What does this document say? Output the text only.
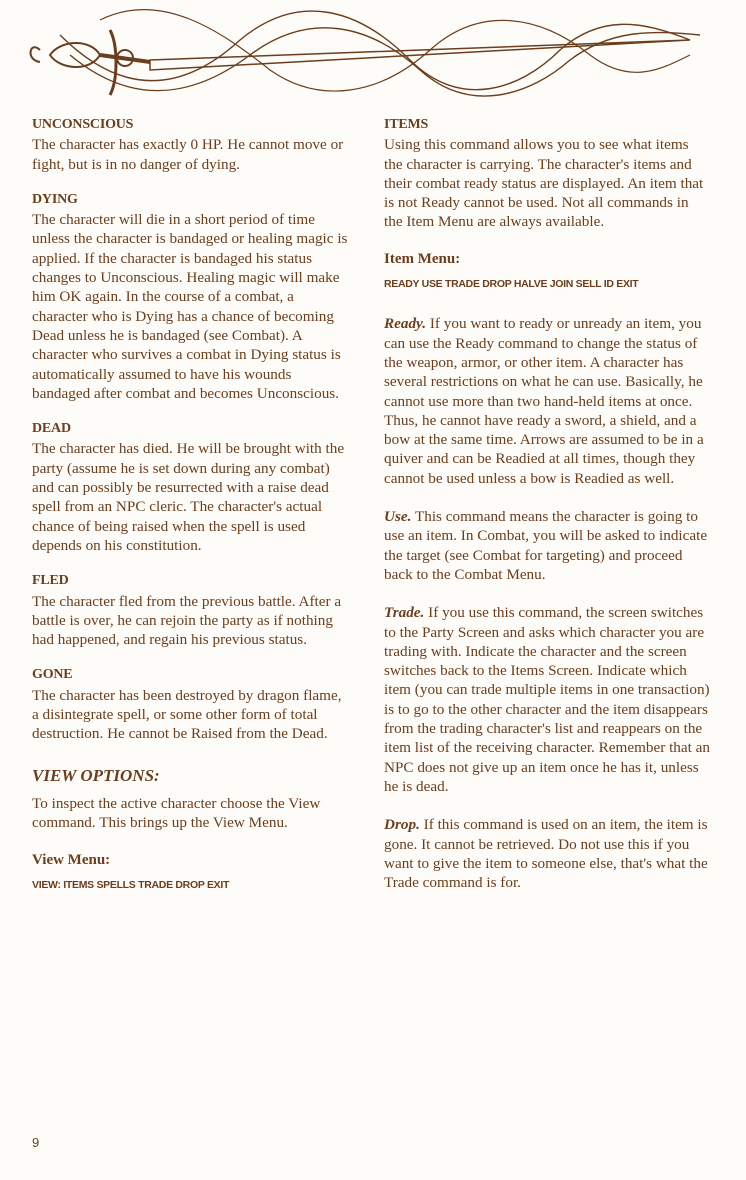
UNCONSCIOUS

The character has exactly 0 HP. He cannot move or fight, but is in no danger of dying.

DYING

The character will die in a short period of time unless the character is bandaged or healing magic is applied. If the character is bandaged his status changes to Unconscious. Healing magic will make him OK again. In the course of a combat, a character who is Dying has a chance of becoming Dead unless he is bandaged (see Combat). A character who survives a combat in Dying status is automatically assumed to have his wounds bandaged after combat and becomes Unconscious.

DEAD

The character has died. He will be brought with the party (assume he is set down during any combat) and can possibly be resurrected with a raise dead spell from an NPC cleric. The character's actual chance of being raised when the spell is used depends on his constitution.

FLED

The character fled from the previous battle. After a battle is over, he can rejoin the party as if nothing had happened, and regain his previous status.

GONE

The character has been destroyed by dragon flame, a disintegrate spell, or some other form of total destruction. He cannot be Raised from the Dead.

VIEW OPTIONS:

To inspect the active character choose the View command. This brings up the View Menu.

View Menu:
VIEW: ITEMS SPELLS TRADE DROP EXIT
ITEMS

Using this command allows you to see what items the character is carrying. The character's items and their combat ready status are displayed. An item that is not Ready cannot be used. Not all commands in the Item Menu are always available.

Item Menu:
READY USE TRADE DROP HALVE JOIN SELL ID EXIT

Ready. If you want to ready or unready an item, you can use the Ready command to change the status of the weapon, armor, or other item. A character has several restrictions on what he can use. Basically, he cannot use more than two hand-held items at once. Thus, he cannot have ready a sword, a shield, and a bow at the same time. Arrows are assumed to be in a quiver and can be Readied at all times, though they cannot be used unless a bow is Readied as well.

Use. This command means the character is going to use an item. In Combat, you will be asked to indicate the target (see Combat for targeting) and proceed back to the Combat Menu.

Trade. If you use this command, the screen switches to the Party Screen and asks which character you are trading with. Indicate the character and the screen switches back to the Items Screen. Indicate which item (you can trade multiple items in one transaction) is to go to the other character and the item disappears from the trading character's list and reappears on the item list of the receiving character. Remember that an NPC does not give up an item once he has it, unless he is dead.

Drop. If this command is used on an item, the item is gone. It cannot be retrieved. Do not use this if you want to give the item to someone else, that's what the Trade command is for.

9
